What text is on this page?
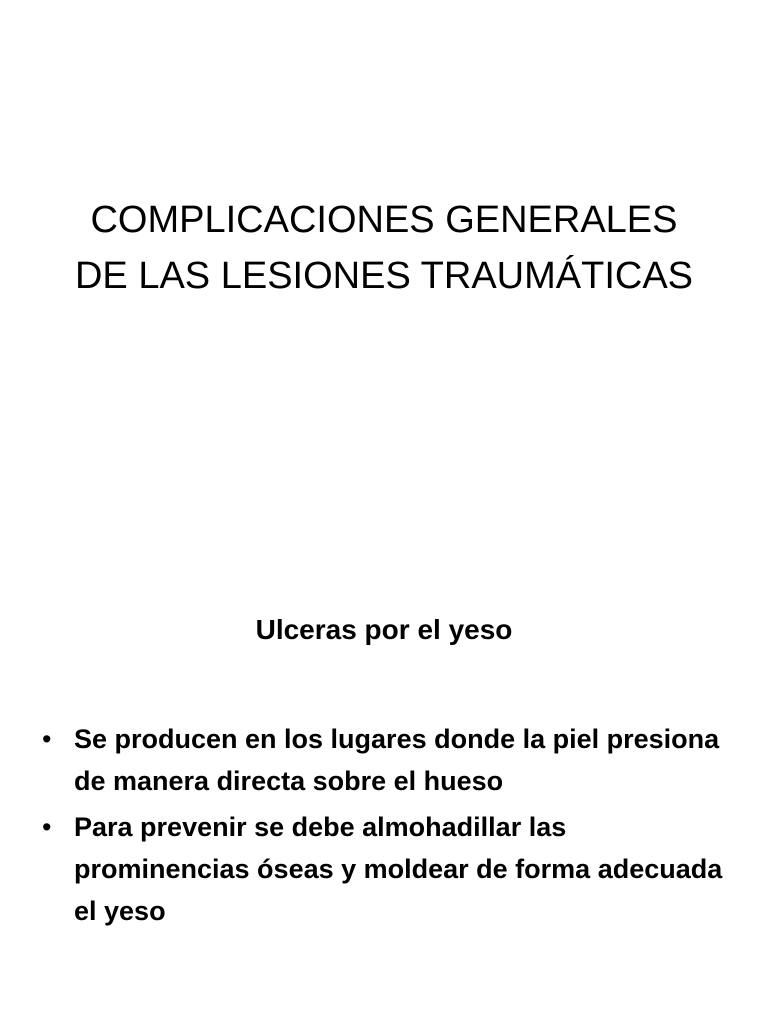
COMPLICACIONES GENERALES
DE LAS LESIONES TRAUMÁTICAS
Ulceras por el yeso
• Se producen en los lugares donde la piel presiona de manera directa sobre el hueso
• Para prevenir se debe almohadillar las prominencias óseas y moldear de forma adecuada el yeso
